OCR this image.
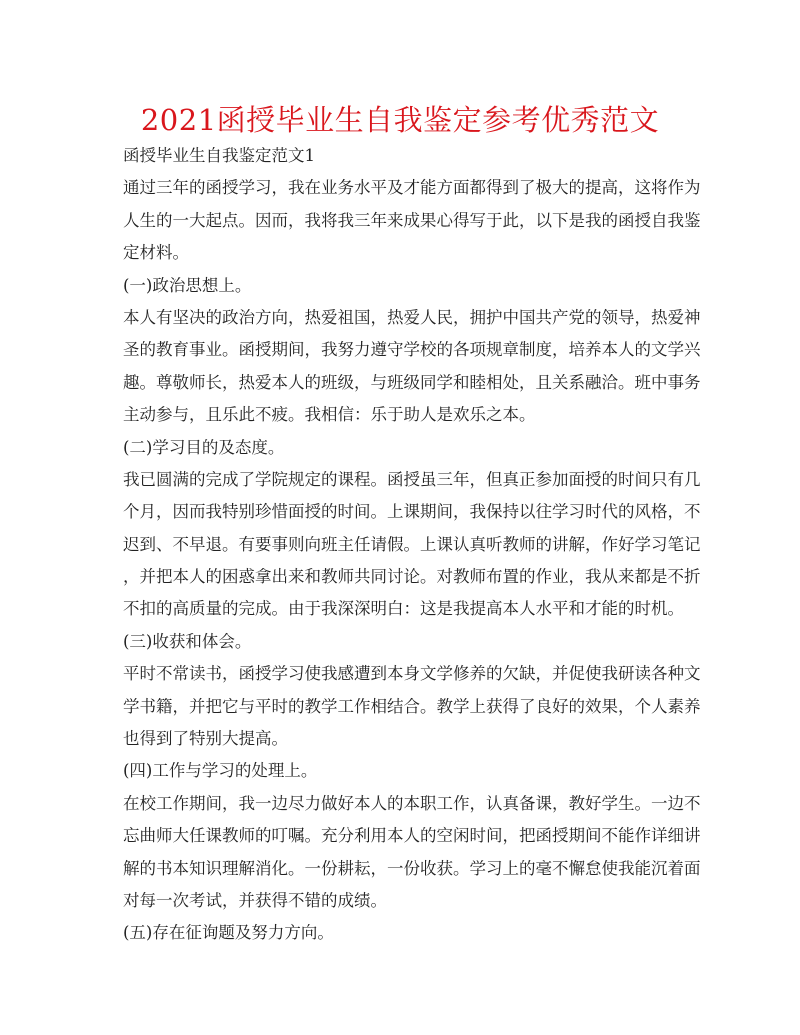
2021函授毕业生自我鉴定参考优秀范文
函授毕业生自我鉴定范文1
通过三年的函授学习，我在业务水平及才能方面都得到了极大的提高，这将作为
人生的一大起点。因而，我将我三年来成果心得写于此，以下是我的函授自我鉴
定材料。
(一)政治思想上。
本人有坚决的政治方向，热爱祖国，热爱人民，拥护中国共产党的领导，热爱神
圣的教育事业。函授期间，我努力遵守学校的各项规章制度，培养本人的文学兴
趣。尊敬师长，热爱本人的班级，与班级同学和睦相处，且关系融洽。班中事务
主动参与，且乐此不疲。我相信：乐于助人是欢乐之本。
(二)学习目的及态度。
我已圆满的完成了学院规定的课程。函授虽三年，但真正参加面授的时间只有几
个月，因而我特别珍惜面授的时间。上课期间，我保持以往学习时代的风格，不
迟到、不早退。有要事则向班主任请假。上课认真听教师的讲解，作好学习笔记
，并把本人的困惑拿出来和教师共同讨论。对教师布置的作业，我从来都是不折
不扣的高质量的完成。由于我深深明白：这是我提高本人水平和才能的时机。
(三)收获和体会。
平时不常读书，函授学习使我感遭到本身文学修养的欠缺，并促使我研读各种文
学书籍，并把它与平时的教学工作相结合。教学上获得了良好的效果，个人素养
也得到了特别大提高。
(四)工作与学习的处理上。
在校工作期间，我一边尽力做好本人的本职工作，认真备课，教好学生。一边不
忘曲师大任课教师的叮嘱。充分利用本人的空闲时间，把函授期间不能作详细讲
解的书本知识理解消化。一份耕耘，一份收获。学习上的毫不懈怠使我能沉着面
对每一次考试，并获得不错的成绩。
(五)存在征询题及努力方向。
